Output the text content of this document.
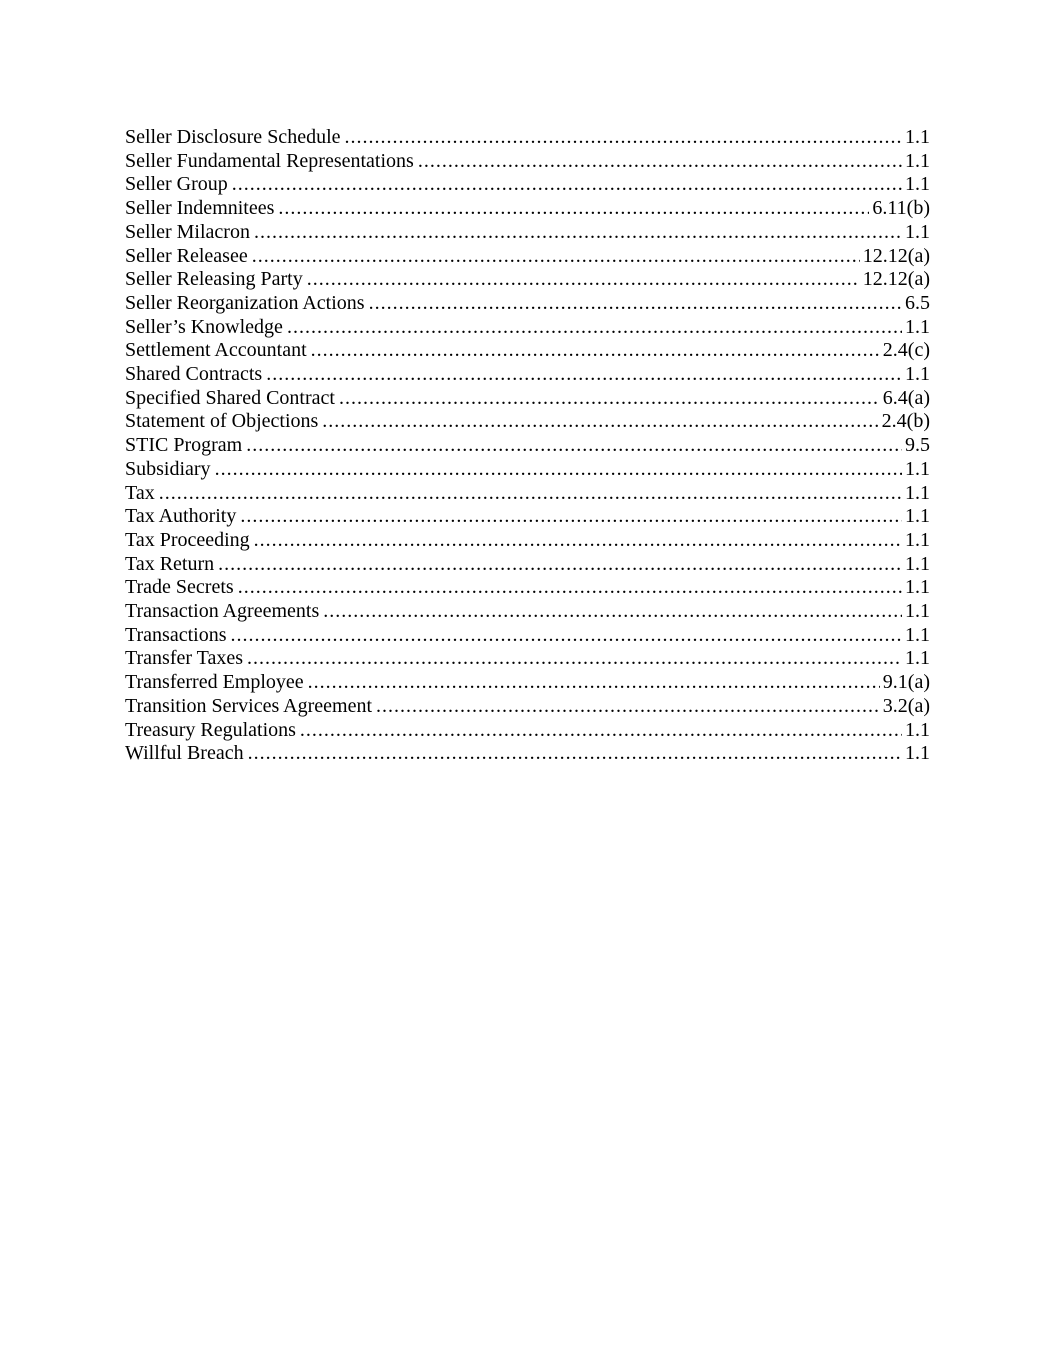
Seller Disclosure Schedule .....	1.1
Seller Fundamental Representations .....	1.1
Seller Group .....	1.1
Seller Indemnitees .....	6.11(b)
Seller Milacron .....	1.1
Seller Releasee .....	12.12(a)
Seller Releasing Party .....	12.12(a)
Seller Reorganization Actions .....	6.5
Seller’s Knowledge .....	1.1
Settlement Accountant .....	2.4(c)
Shared Contracts .....	1.1
Specified Shared Contract .....	6.4(a)
Statement of Objections .....	2.4(b)
STIC Program .....	9.5
Subsidiary .....	1.1
Tax .....	1.1
Tax Authority .....	1.1
Tax Proceeding .....	1.1
Tax Return .....	1.1
Trade Secrets .....	1.1
Transaction Agreements .....	1.1
Transactions .....	1.1
Transfer Taxes .....	1.1
Transferred Employee .....	9.1(a)
Transition Services Agreement .....	3.2(a)
Treasury Regulations .....	1.1
Willful Breach .....	1.1
